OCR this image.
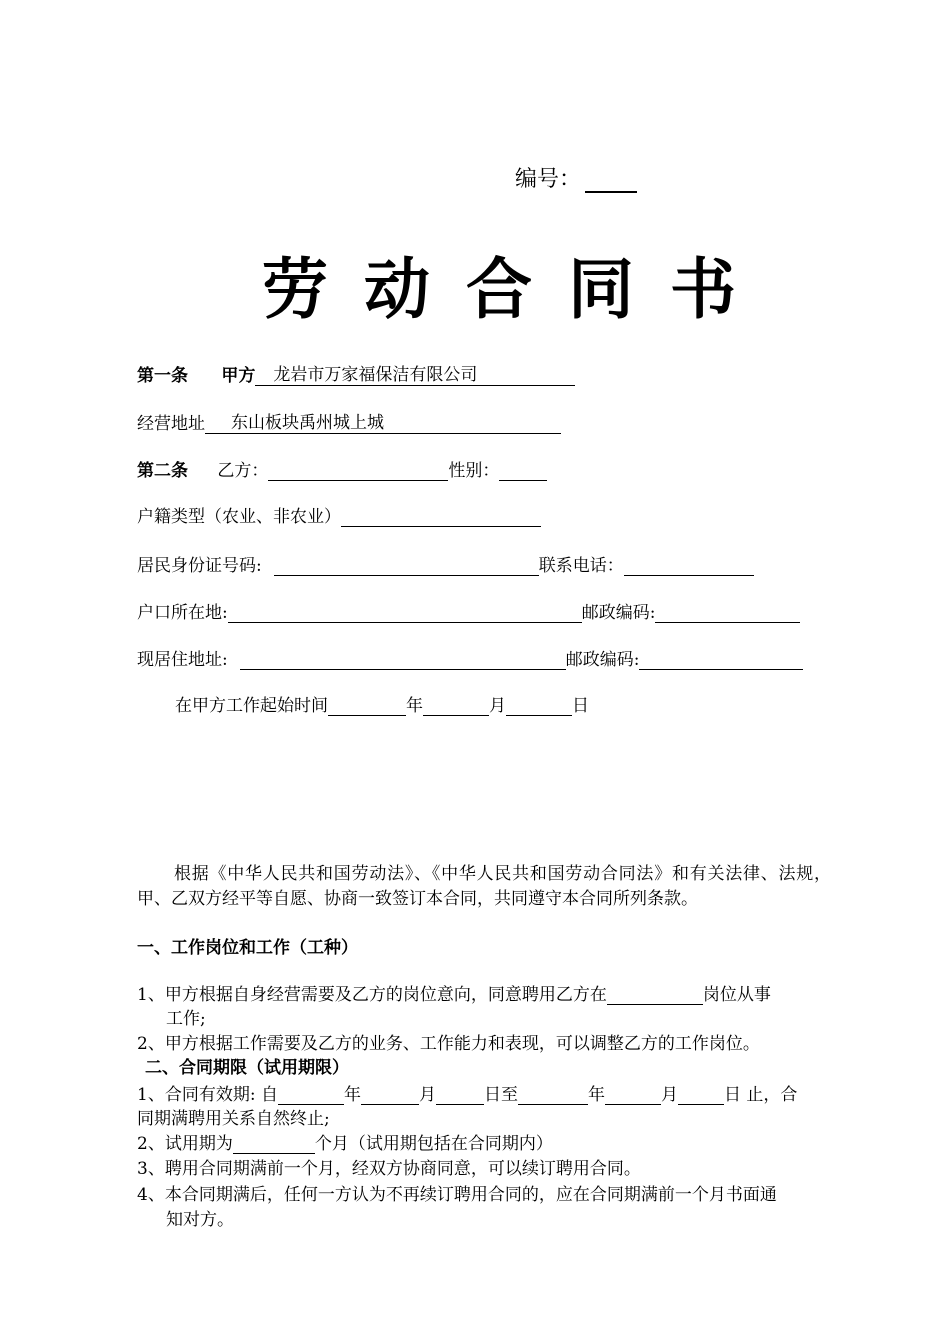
编号：
劳动合同书
第一条 甲方 龙岩市万家福保洁有限公司
经营地址 东山板块禹州城上城
第二条 乙方：	性别：
户籍类型（农业、非农业）
居民身份证号码:	联系电话：
户口所在地:	邮政编码:
现居住地址:	邮政编码:
在甲方工作起始时间	年	月	日
根据《中华人民共和国劳动法》、《中华人民共和国劳动合同法》和有关法律、法规，甲、乙双方经平等自愿、协商一致签订本合同，共同遵守本合同所列条款。
一、工作岗位和工作（工种）
1、甲方根据自身经营需要及乙方的岗位意向，同意聘用乙方在	岗位从事
工作;
2、甲方根据工作需要及乙方的业务、工作能力和表现，可以调整乙方的工作岗位。
二、合同期限（试用期限）
1、合同有效期: 自	年	月	日至	年	月	日 止，合
同期满聘用关系自然终止;
2、试用期为	个月（试用期包括在合同期内）
3、聘用合同期满前一个月，经双方协商同意，可以续订聘用合同。
4、本合同期满后，任何一方认为不再续订聘用合同的，应在合同期满前一个月书面通
知对方。
